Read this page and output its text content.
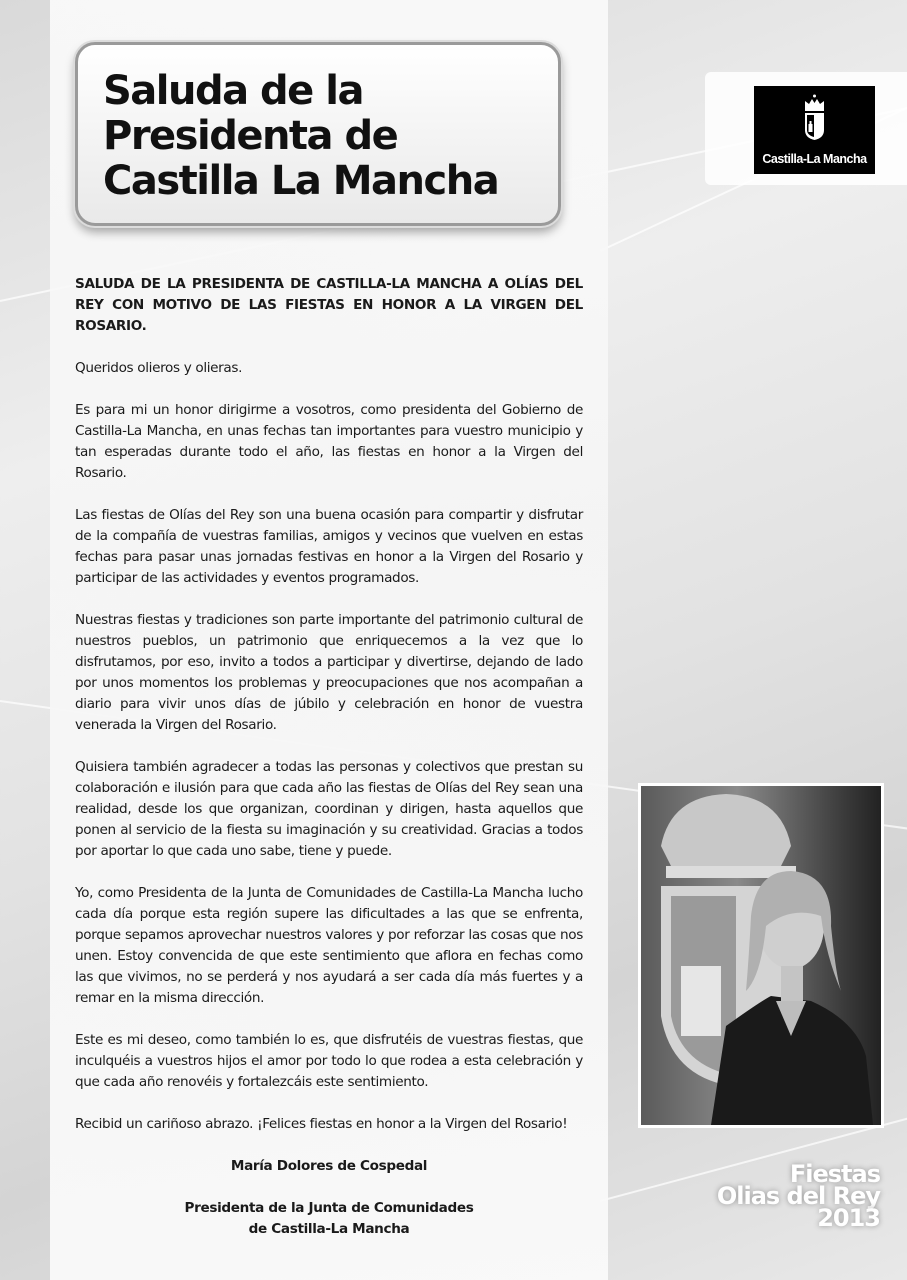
Saluda de la
Presidenta de
Castilla La Mancha	Castilla-La Mancha

SALUDA DE LA PRESIDENTA DE CASTILLA-LA MANCHA A OLÍAS DEL REY CON MOTIVO DE LAS FIESTAS EN HONOR A LA VIRGEN DEL ROSARIO.

Queridos olieros y olieras.

Es para mi un honor dirigirme a vosotros, como presidenta del Gobierno de Castilla-La Mancha, en unas fechas tan importantes para vuestro municipio y tan esperadas durante todo el año, las fiestas en honor a la Virgen del Rosario.

Las fiestas de Olías del Rey son una buena ocasión para compartir y disfrutar de la compañía de vuestras familias, amigos y vecinos que vuelven en estas fechas para pasar unas jornadas festivas en honor a la Virgen del Rosario y participar de las actividades y eventos programados.

Nuestras fiestas y tradiciones son parte importante del patrimonio cultural de nuestros pueblos, un patrimonio que enriquecemos a la vez que lo disfrutamos, por eso, invito a todos a participar y divertirse, dejando de lado por unos momentos los problemas y preocupaciones que nos acompañan a diario para vivir unos días de júbilo y celebración en honor de vuestra venerada la Virgen del Rosario.

Quisiera también agradecer a todas las personas y colectivos que prestan su colaboración e ilusión para que cada año las fiestas de Olías del Rey sean una realidad, desde los que organizan, coordinan y dirigen, hasta aquellos que ponen al servicio de la fiesta su imaginación y su creatividad. Gracias a todos por aportar lo que cada uno sabe, tiene y puede.

Yo, como Presidenta de la Junta de Comunidades de Castilla-La Mancha lucho cada día porque esta región supere las dificultades a las que se enfrenta, porque sepamos aprovechar nuestros valores y por reforzar las cosas que nos unen. Estoy convencida de que este sentimiento que aflora en fechas como las que vivimos, no se perderá y nos ayudará a ser cada día más fuertes y a remar en la misma dirección.

Este es mi deseo, como también lo es, que disfrutéis de vuestras fiestas, que inculquéis a vuestros hijos el amor por todo lo que rodea a esta celebración y que cada año renovéis y fortalezcáis este sentimiento.

Recibid un cariñoso abrazo. ¡Felices fiestas en honor a la Virgen del Rosario!

María Dolores de Cospedal

Presidenta de la Junta de Comunidades
de Castilla-La Mancha

Fiestas
Olias del Rey
2013
